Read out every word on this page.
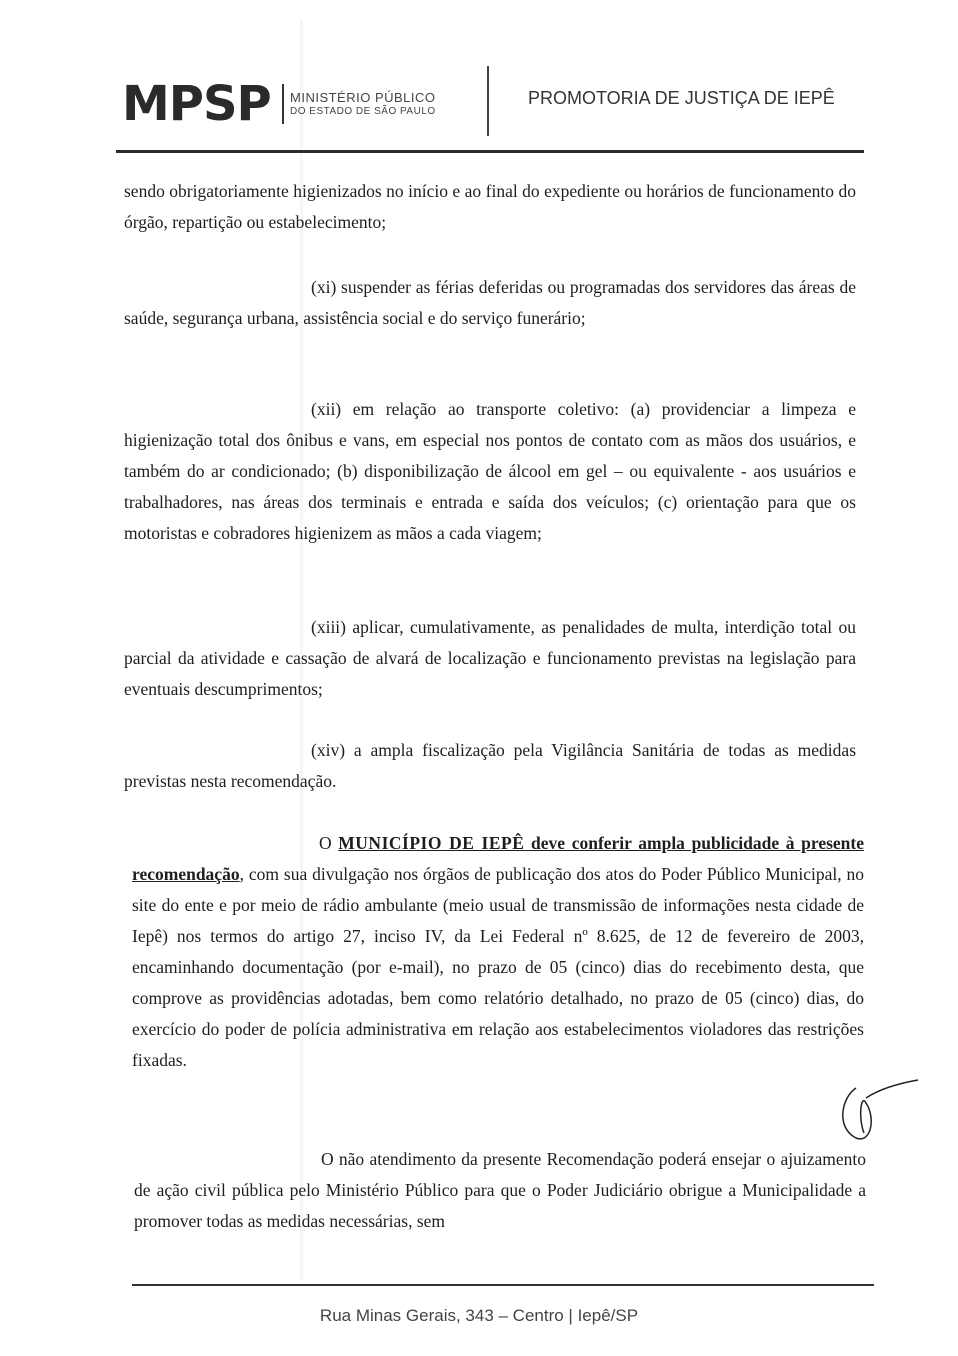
MPSP MINISTÉRIO PÚBLICO
DO ESTADO DE SÃO PAULO
PROMOTORIA DE JUSTIÇA DE IEPÊ
sendo obrigatoriamente higienizados no início e ao final do expediente ou horários de funcionamento do órgão, repartição ou estabelecimento;
(xi) suspender as férias deferidas ou programadas dos servidores das áreas de saúde, segurança urbana, assistência social e do serviço funerário;
(xii) em relação ao transporte coletivo: (a) providenciar a limpeza e higienização total dos ônibus e vans, em especial nos pontos de contato com as mãos dos usuários, e também do ar condicionado; (b) disponibilização de álcool em gel – ou equivalente - aos usuários e trabalhadores, nas áreas dos terminais e entrada e saída dos veículos; (c) orientação para que os motoristas e cobradores higienizem as mãos a cada viagem;
(xiii) aplicar, cumulativamente, as penalidades de multa, interdição total ou parcial da atividade e cassação de alvará de localização e funcionamento previstas na legislação para eventuais descumprimentos;
(xiv) a ampla fiscalização pela Vigilância Sanitária de todas as medidas previstas nesta recomendação.
O MUNICÍPIO DE IEPÊ deve conferir ampla publicidade à presente recomendação, com sua divulgação nos órgãos de publicação dos atos do Poder Público Municipal, no site do ente e por meio de rádio ambulante (meio usual de transmissão de informações nesta cidade de Iepê) nos termos do artigo 27, inciso IV, da Lei Federal nº 8.625, de 12 de fevereiro de 2003, encaminhando documentação (por e-mail), no prazo de 05 (cinco) dias do recebimento desta, que comprove as providências adotadas, bem como relatório detalhado, no prazo de 05 (cinco) dias, do exercício do poder de polícia administrativa em relação aos estabelecimentos violadores das restrições fixadas.
O não atendimento da presente Recomendação poderá ensejar o ajuizamento de ação civil pública pelo Ministério Público para que o Poder Judiciário obrigue a Municipalidade a promover todas as medidas necessárias, sem
Rua Minas Gerais, 343 – Centro | Iepê/SP
